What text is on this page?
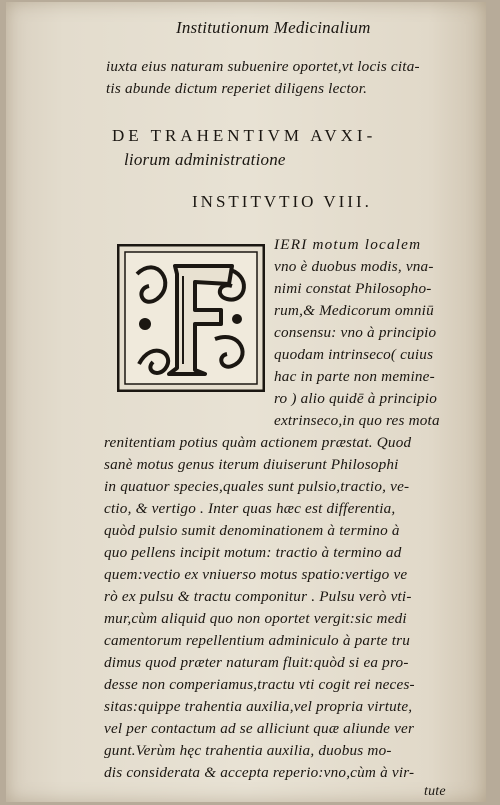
Institutionum Medicinalium
iuxta eius naturam subuenire oportet,vt locis cita-
tis abunde dictum reperiet diligens lector.
DE TRAHENTIVM AVXI-
liorum administratione
INSTITVTIO VIII.
IERI motum localem
vno è duobus modis, vna-
nimi constat Philosopho-
rum,& Medicorum omniū
consensu: vno à principio
quodam intrinseco( cuius
hac in parte non memine-
ro ) alio quidē à principio
extrinseco,in quo res mota
renitentiam potius quàm actionem præstat. Quod
sanè motus genus iterum diuiserunt Philosophi
in quatuor species,quales sunt pulsio,tractio, ve-
ctio, & vertigo . Inter quas hæc est differentia,
quòd pulsio sumit denominationem à termino à
quo pellens incipit motum: tractio à termino ad
quem:vectio ex vniuerso motus spatio:vertigo ve
rò ex pulsu & tractu componitur . Pulsu verò vti-
mur,cùm aliquid quo non oportet vergit:sic medi
camentorum repellentium adminiculo à parte tru
dimus quod præter naturam fluit:quòd si ea pro-
desse non comperiamus,tractu vti cogit rei neces-
sitas:quippe trahentia auxilia,vel propria virtute,
vel per contactum ad se alliciunt quæ aliunde ver
gunt.Verùm hęc trahentia auxilia, duobus mo-
dis considerata & accepta reperio:vno,cùm à vir-
tute
